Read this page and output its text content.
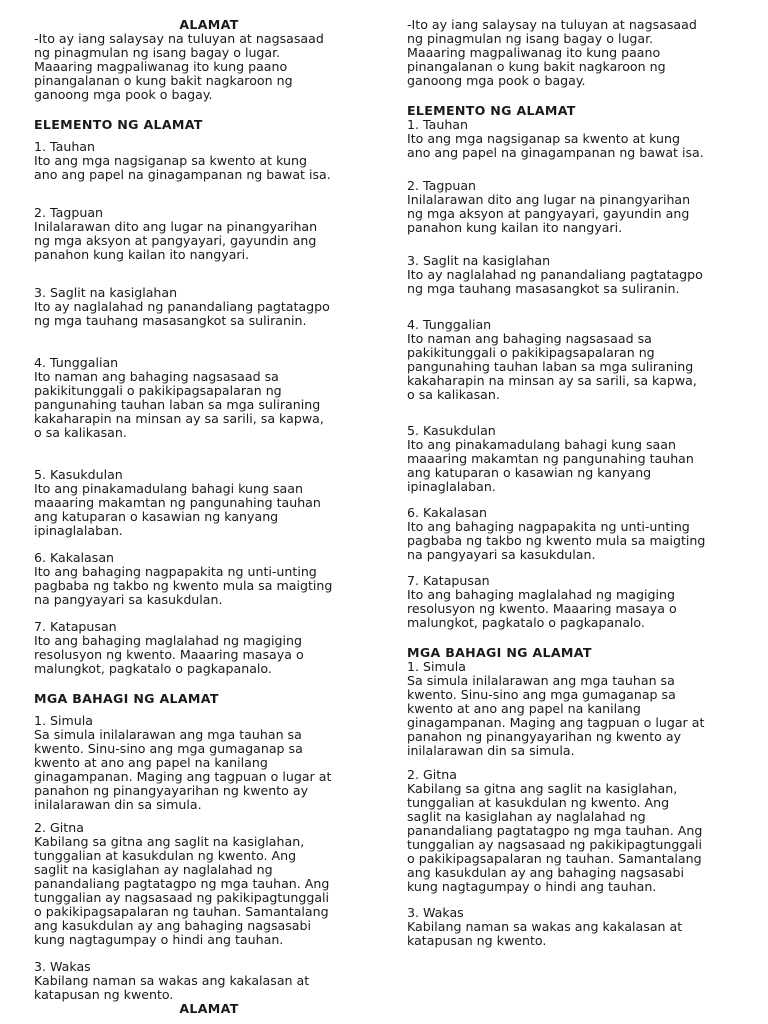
ALAMAT

-Ito ay iang salaysay na tuluyan at nagsasaad
ng pinagmulan ng isang bagay o lugar.
Maaaring magpaliwanag ito kung paano
pinangalanan o kung bakit nagkaroon ng
ganoong mga pook o bagay.

ELEMENTO NG ALAMAT

1. Tauhan

Ito ang mga nagsiganap sa kwento at kung
ano ang papel na ginagampanan ng bawat isa.

2. Tagpuan

Inilalarawan dito ang lugar na pinangyarihan
ng mga aksyon at pangyayari, gayundin ang
panahon kung kailan ito nangyari.

3. Saglit na kasiglahan

Ito ay naglalahad ng panandaliang pagtatagpo
ng mga tauhang masasangkot sa suliranin.

4. Tunggalian

Ito naman ang bahaging nagsasaad sa
pakikitunggali o pakikipagsapalaran ng
pangunahing tauhan laban sa mga suliraning
kakaharapin na minsan ay sa sarili, sa kapwa,
o sa kalikasan.

5. Kasukdulan

Ito ang pinakamadulang bahagi kung saan
maaaring makamtan ng pangunahing tauhan
ang katuparan o kasawian ng kanyang
ipinaglalaban.

6. Kakalasan

Ito ang bahaging nagpapakita ng unti-unting
pagbaba ng takbo ng kwento mula sa maigting
na pangyayari sa kasukdulan.

7. Katapusan

Ito ang bahaging maglalahad ng magiging
resolusyon ng kwento. Maaaring masaya o
malungkot, pagkatalo o pagkapanalo.

MGA BAHAGI NG ALAMAT

1. Simula

Sa simula inilalarawan ang mga tauhan sa
kwento. Sinu-sino ang mga gumaganap sa
kwento at ano ang papel na kanilang
ginagampanan. Maging ang tagpuan o lugar at
panahon ng pinangyayarihan ng kwento ay
inilalarawan din sa simula.

2. Gitna

Kabilang sa gitna ang saglit na kasiglahan,
tunggalian at kasukdulan ng kwento. Ang
saglit na kasiglahan ay naglalahad ng
panandaliang pagtatagpo ng mga tauhan. Ang
tunggalian ay nagsasaad ng pakikipagtunggali
o pakikipagsapalaran ng tauhan. Samantalang
ang kasukdulan ay ang bahaging nagsasabi
kung nagtagumpay o hindi ang tauhan.

3. Wakas

Kabilang naman sa wakas ang kakalasan at
katapusan ng kwento.

ALAMAT

-Ito ay iang salaysay na tuluyan at nagsasaad
ng pinagmulan ng isang bagay o lugar.
Maaaring magpaliwanag ito kung paano
pinangalanan o kung bakit nagkaroon ng
ganoong mga pook o bagay.

ELEMENTO NG ALAMAT

1. Tauhan

Ito ang mga nagsiganap sa kwento at kung
ano ang papel na ginagampanan ng bawat isa.

2. Tagpuan

Inilalarawan dito ang lugar na pinangyarihan
ng mga aksyon at pangyayari, gayundin ang
panahon kung kailan ito nangyari.

3. Saglit na kasiglahan

Ito ay naglalahad ng panandaliang pagtatagpo
ng mga tauhang masasangkot sa suliranin.

4. Tunggalian

Ito naman ang bahaging nagsasaad sa
pakikitunggali o pakikipagsapalaran ng
pangunahing tauhan laban sa mga suliraning
kakaharapin na minsan ay sa sarili, sa kapwa,
o sa kalikasan.

5. Kasukdulan

Ito ang pinakamadulang bahagi kung saan
maaaring makamtan ng pangunahing tauhan
ang katuparan o kasawian ng kanyang
ipinaglalaban.

6. Kakalasan

Ito ang bahaging nagpapakita ng unti-unting
pagbaba ng takbo ng kwento mula sa maigting
na pangyayari sa kasukdulan.

7. Katapusan

Ito ang bahaging maglalahad ng magiging
resolusyon ng kwento. Maaaring masaya o
malungkot, pagkatalo o pagkapanalo.

MGA BAHAGI NG ALAMAT

1. Simula

Sa simula inilalarawan ang mga tauhan sa
kwento. Sinu-sino ang mga gumaganap sa
kwento at ano ang papel na kanilang
ginagampanan. Maging ang tagpuan o lugar at
panahon ng pinangyayarihan ng kwento ay
inilalarawan din sa simula.

2. Gitna

Kabilang sa gitna ang saglit na kasiglahan,
tunggalian at kasukdulan ng kwento. Ang
saglit na kasiglahan ay naglalahad ng
panandaliang pagtatagpo ng mga tauhan. Ang
tunggalian ay nagsasaad ng pakikipagtunggali
o pakikipagsapalaran ng tauhan. Samantalang
ang kasukdulan ay ang bahaging nagsasabi
kung nagtagumpay o hindi ang tauhan.

3. Wakas

Kabilang naman sa wakas ang kakalasan at
katapusan ng kwento.
